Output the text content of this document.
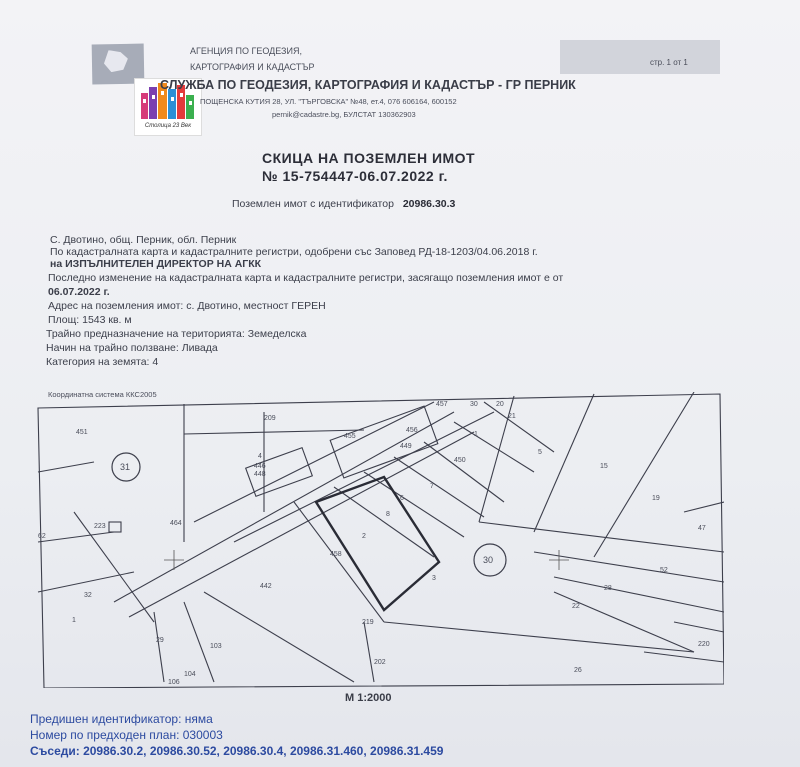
стр. 1 от 1
Столица 23 Век
АГЕНЦИЯ ПО ГЕОДЕЗИЯ,
КАРТОГРАФИЯ И КАДАСТЪР
СЛУЖБА ПО ГЕОДЕЗИЯ, КАРТОГРАФИЯ И КАДАСТЪР - ГР ПЕРНИК
ПОЩЕНСКА КУТИЯ 28, УЛ. "ТЪРГОВСКА" №48, ет.4, 076 606164, 600152
pernik@cadastre.bg, БУЛСТАТ 130362903
СКИЦА НА ПОЗЕМЛЕН ИМОТ
№ 15-754447-06.07.2022 г.
Поземлен имот с идентификатор 20986.30.3
С. Двотино, общ. Перник, обл. Перник
По кадастралната карта и кадастралните регистри, одобрени със Заповед РД-18-1203/04.06.2018 г.
на ИЗПЪЛНИТЕЛЕН ДИРЕКТОР НА АГКК
Последно изменение на кадастралната карта и кадастралните регистри, засягащо поземления имот е от
06.07.2022 г.
Адрес на поземления имот: с. Двотино, местност ГЕРЕН
Площ: 1543 кв. м
Трайно предназначение на територията: Земеделска
Начин на трайно ползване: Ливада
Категория на земята: 4
Координатна система ККС2005
31
30
451	456
455
457	30	20
21
1
4
448
446
449
450
7
6
8
5
15
19
62
223	464
458
2
3
32
1
442
219
28
22
52
47
29
103
104
106
202
220
26
209
M 1:2000
Предишен идентификатор: няма
Номер по предходен план: 030003
Съседи: 20986.30.2, 20986.30.52, 20986.30.4, 20986.31.460, 20986.31.459
